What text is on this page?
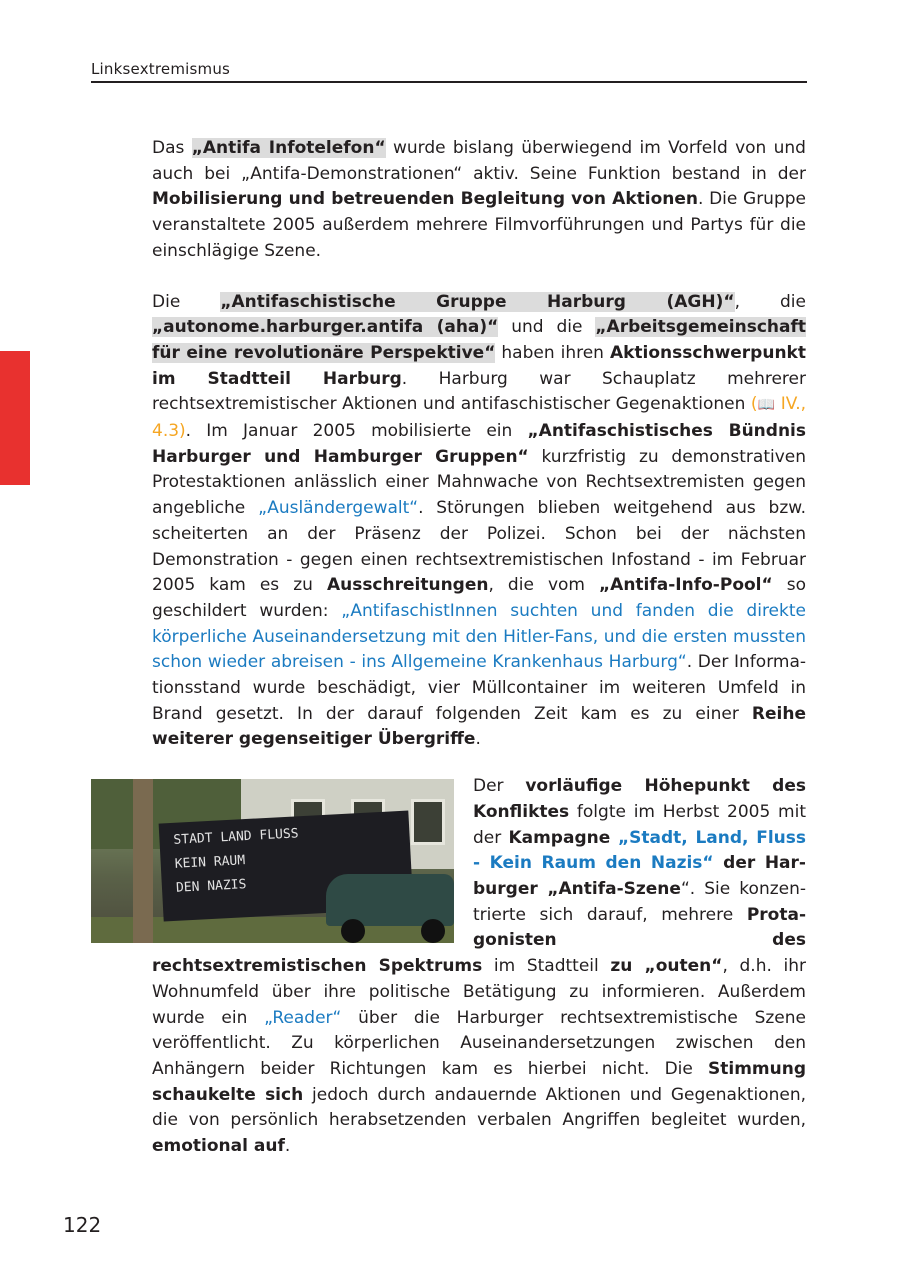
Linksextremismus

Das „Antifa Infotelefon“ wurde bislang überwiegend im Vorfeld von und auch bei „Antifa-Demonstrationen“ aktiv. Seine Funktion bestand in der Mobilisierung und betreuenden Begleitung von Aktionen. Die Gruppe veranstaltete 2005 außerdem mehrere Filmvorführungen und Partys für die einschlägige Szene.

Die „Antifaschistische Gruppe Harburg (AGH)“, die „autonome.harburger.antifa (aha)“ und die „Arbeitsgemeinschaft für eine revolutionäre Perspektive“ haben ihren Aktionsschwerpunkt im Stadtteil Harburg. Harburg war Schauplatz mehrerer rechtsextremistischer Aktionen und antifaschistischer Gegenaktionen (📖 IV., 4.3). Im Januar 2005 mobilisierte ein „Antifaschistisches Bündnis Harburger und Hamburger Gruppen“ kurzfristig zu demonstrativen Protestaktionen anlässlich einer Mahnwache von Rechtsextremisten gegen angebliche „Ausländergewalt“. Störungen blieben weitgehend aus bzw. scheiterten an der Präsenz der Polizei. Schon bei der nächsten Demonstration - gegen einen rechtsextremistischen Infostand - im Februar 2005 kam es zu Ausschreitungen, die vom „Antifa-Info-Pool“ so geschildert wurden: „AntifaschistInnen suchten und fanden die direkte körperliche Auseinandersetzung mit den Hitler-Fans, und die ersten mussten schon wieder abreisen - ins Allgemeine Krankenhaus Harburg“. Der Informationsstand wurde beschädigt, vier Müllcontainer im weiteren Umfeld in Brand gesetzt. In der darauf folgenden Zeit kam es zu einer Reihe weiterer gegenseitiger Übergriffe.

STADT LAND FLUSS
KEIN RAUM
DEN NAZIS
Der vorläufige Höhepunkt des Konfliktes folgte im Herbst 2005 mit der Kampagne „Stadt, Land, Fluss - Kein Raum den Nazis“ der Harburger „Antifa-Szene“. Sie konzentrierte sich darauf, mehrere Protagonisten des rechtsextremistischen Spektrums im Stadtteil zu „outen“, d.h. ihr Wohnumfeld über ihre politische Betätigung zu informieren. Außerdem wurde ein „Reader“ über die Harburger rechtsextremistische Szene veröffentlicht. Zu körperlichen Auseinandersetzungen zwischen den Anhängern beider Richtungen kam es hierbei nicht. Die Stimmung schaukelte sich jedoch durch andauernde Aktionen und Gegenaktionen, die von persönlich herabsetzenden verbalen Angriffen begleitet wurden, emotional auf.

122
